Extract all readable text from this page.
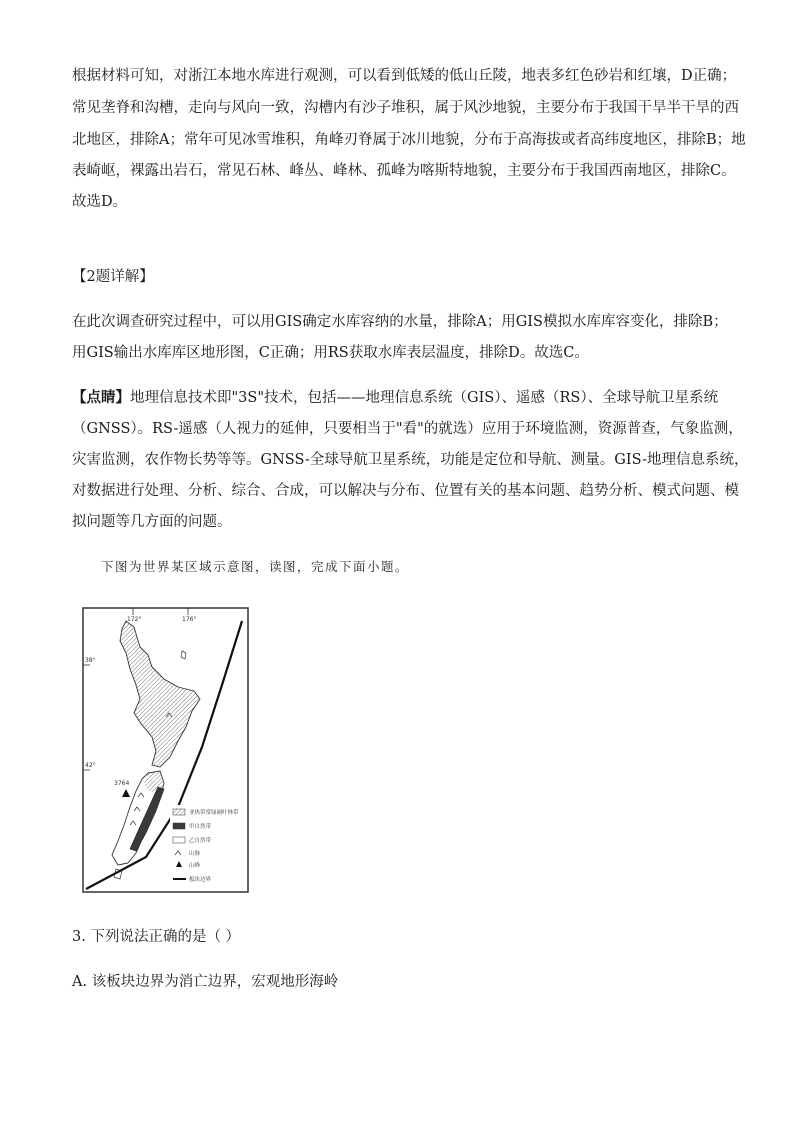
根据材料可知，对浙江本地水库进行观测，可以看到低矮的低山丘陵，地表多红色砂岩和红壤，D正确；
常见垄脊和沟槽，走向与风向一致，沟槽内有沙子堆积，属于风沙地貌，主要分布于我国干旱半干旱的西
北地区，排除A；常年可见冰雪堆积，角峰刃脊属于冰川地貌，分布于高海拔或者高纬度地区，排除B；地
表崎岖，裸露出岩石，常见石林、峰丛、峰林、孤峰为喀斯特地貌，主要分布于我国西南地区，排除C。
故选D。
【2题详解】
在此次调查研究过程中，可以用GIS确定水库容纳的水量，排除A；用GIS模拟水库库容变化，排除B；
用GIS输出水库库区地形图，C正确；用RS获取水库表层温度，排除D。故选C。
【点睛】地理信息技术即"3S"技术，包括——地理信息系统（GIS）、遥感（RS）、全球导航卫星系统
（GNSS）。RS-遥感（人视力的延伸，只要相当于"看"的就选）应用于环境监测，资源普查，气象监测，
灾害监测，农作物长势等等。GNSS-全球导航卫星系统，功能是定位和导航、测量。GIS-地理信息系统，
对数据进行处理、分析、综合、合成，可以解决与分布、位置有关的基本问题、趋势分析、模式问题、模
拟问题等几方面的问题。
下图为世界某区域示意图，读图，完成下面小题。
172°	176°
38°
42°
3764
亚热带常绿阔叶林带
甲自然带
乙自然带
山脉
山峰
板块边界
3. 下列说法正确的是（ ）
A. 该板块边界为消亡边界，宏观地形海岭
